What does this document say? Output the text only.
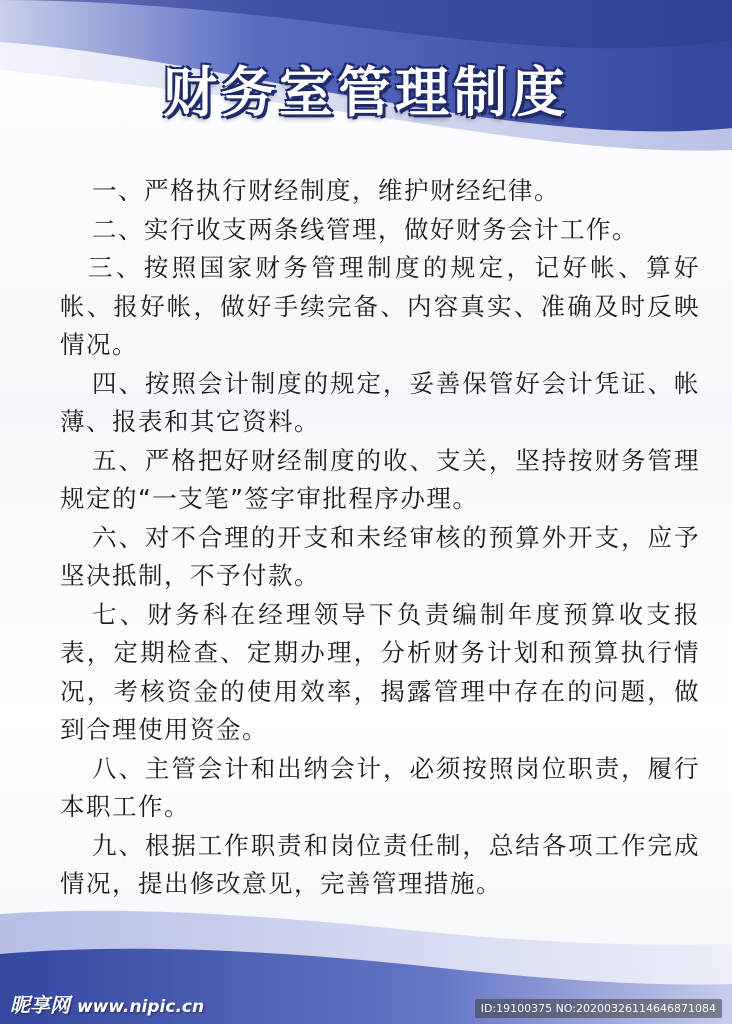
财务室管理制度

一、严格执行财经制度，维护财经纪律。

二、实行收支两条线管理，做好财务会计工作。

三、按照国家财务管理制度的规定，记好帐、算好帐、报好帐，做好手续完备、内容真实、准确及时反映情况。

四、按照会计制度的规定，妥善保管好会计凭证、帐薄、报表和其它资料。

五、严格把好财经制度的收、支关，坚持按财务管理规定的“一支笔”签字审批程序办理。

六、对不合理的开支和未经审核的预算外开支，应予坚决抵制，不予付款。

七、财务科在经理领导下负责编制年度预算收支报表，定期检查、定期办理，分析财务计划和预算执行情况，考核资金的使用效率，揭露管理中存在的问题，做到合理使用资金。

八、主管会计和出纳会计，必须按照岗位职责，履行本职工作。

九、根据工作职责和岗位责任制，总结各项工作完成情况，提出修改意见，完善管理措施。

昵享网 www.nipic.cn	ID:19100375 NO:20200326114646871084
